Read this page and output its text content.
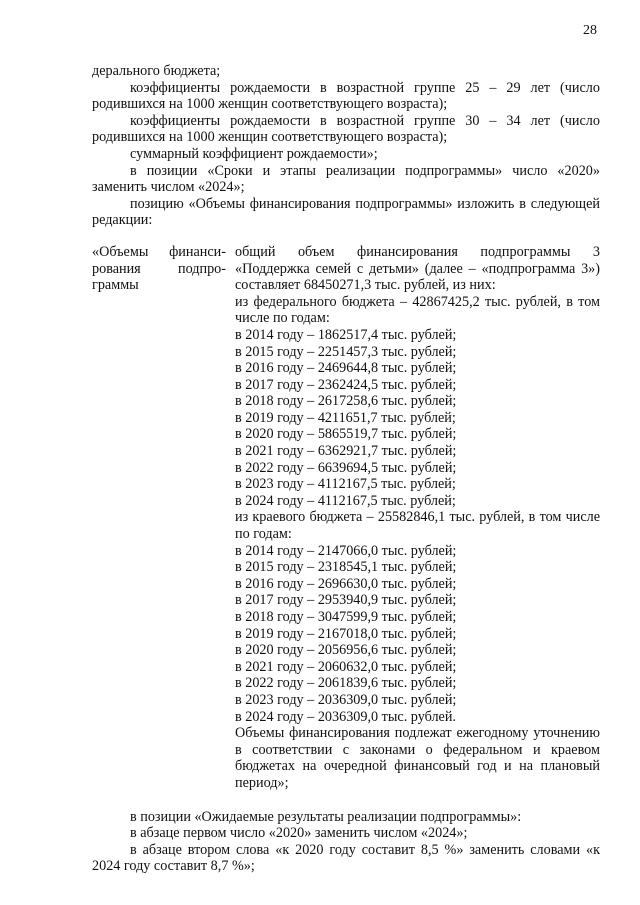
28

дерального бюджета;

коэффициенты рождаемости в возрастной группе 25 – 29 лет (число родившихся на 1000 женщин соответствующего возраста);

коэффициенты рождаемости в возрастной группе 30 – 34 лет (число родившихся на 1000 женщин соответствующего возраста);

суммарный коэффициент рождаемости»;

в позиции «Сроки и этапы реализации подпрограммы» число «2020» заменить числом «2024»;

позицию «Объемы финансирования подпрограммы» изложить в следующей редакции:

«Объемы финанси-

рования подпро-

граммы

общий объем финансирования подпрограммы 3 «Поддержка семей с детьми» (далее – «подпрограмма 3») составляет 68450271,3 тыс. рублей, из них:

из федерального бюджета – 42867425,2 тыс. рублей, в том числе по годам:

в 2014 году – 1862517,4 тыс. рублей;
в 2015 году – 2251457,3 тыс. рублей;
в 2016 году – 2469644,8 тыс. рублей;
в 2017 году – 2362424,5 тыс. рублей;
в 2018 году – 2617258,6 тыс. рублей;
в 2019 году – 4211651,7 тыс. рублей;
в 2020 году – 5865519,7 тыс. рублей;
в 2021 году – 6362921,7 тыс. рублей;
в 2022 году – 6639694,5 тыс. рублей;
в 2023 году – 4112167,5 тыс. рублей;
в 2024 году – 4112167,5 тыс. рублей;

из краевого бюджета – 25582846,1 тыс. рублей, в том числе по годам:

в 2014 году – 2147066,0 тыс. рублей;
в 2015 году – 2318545,1 тыс. рублей;
в 2016 году – 2696630,0 тыс. рублей;
в 2017 году – 2953940,9 тыс. рублей;
в 2018 году – 3047599,9 тыс. рублей;
в 2019 году – 2167018,0 тыс. рублей;
в 2020 году – 2056956,6 тыс. рублей;
в 2021 году – 2060632,0 тыс. рублей;
в 2022 году – 2061839,6 тыс. рублей;
в 2023 году – 2036309,0 тыс. рублей;
в 2024 году – 2036309,0 тыс. рублей.

Объемы финансирования подлежат ежегодному уточнению в соответствии с законами о федеральном и краевом бюджетах на очередной финансовый год и на плановый период»;

в позиции «Ожидаемые результаты реализации подпрограммы»:

в абзаце первом число «2020» заменить числом «2024»;

в абзаце втором слова «к 2020 году составит 8,5 %» заменить словами «к 2024 году составит 8,7 %»;
